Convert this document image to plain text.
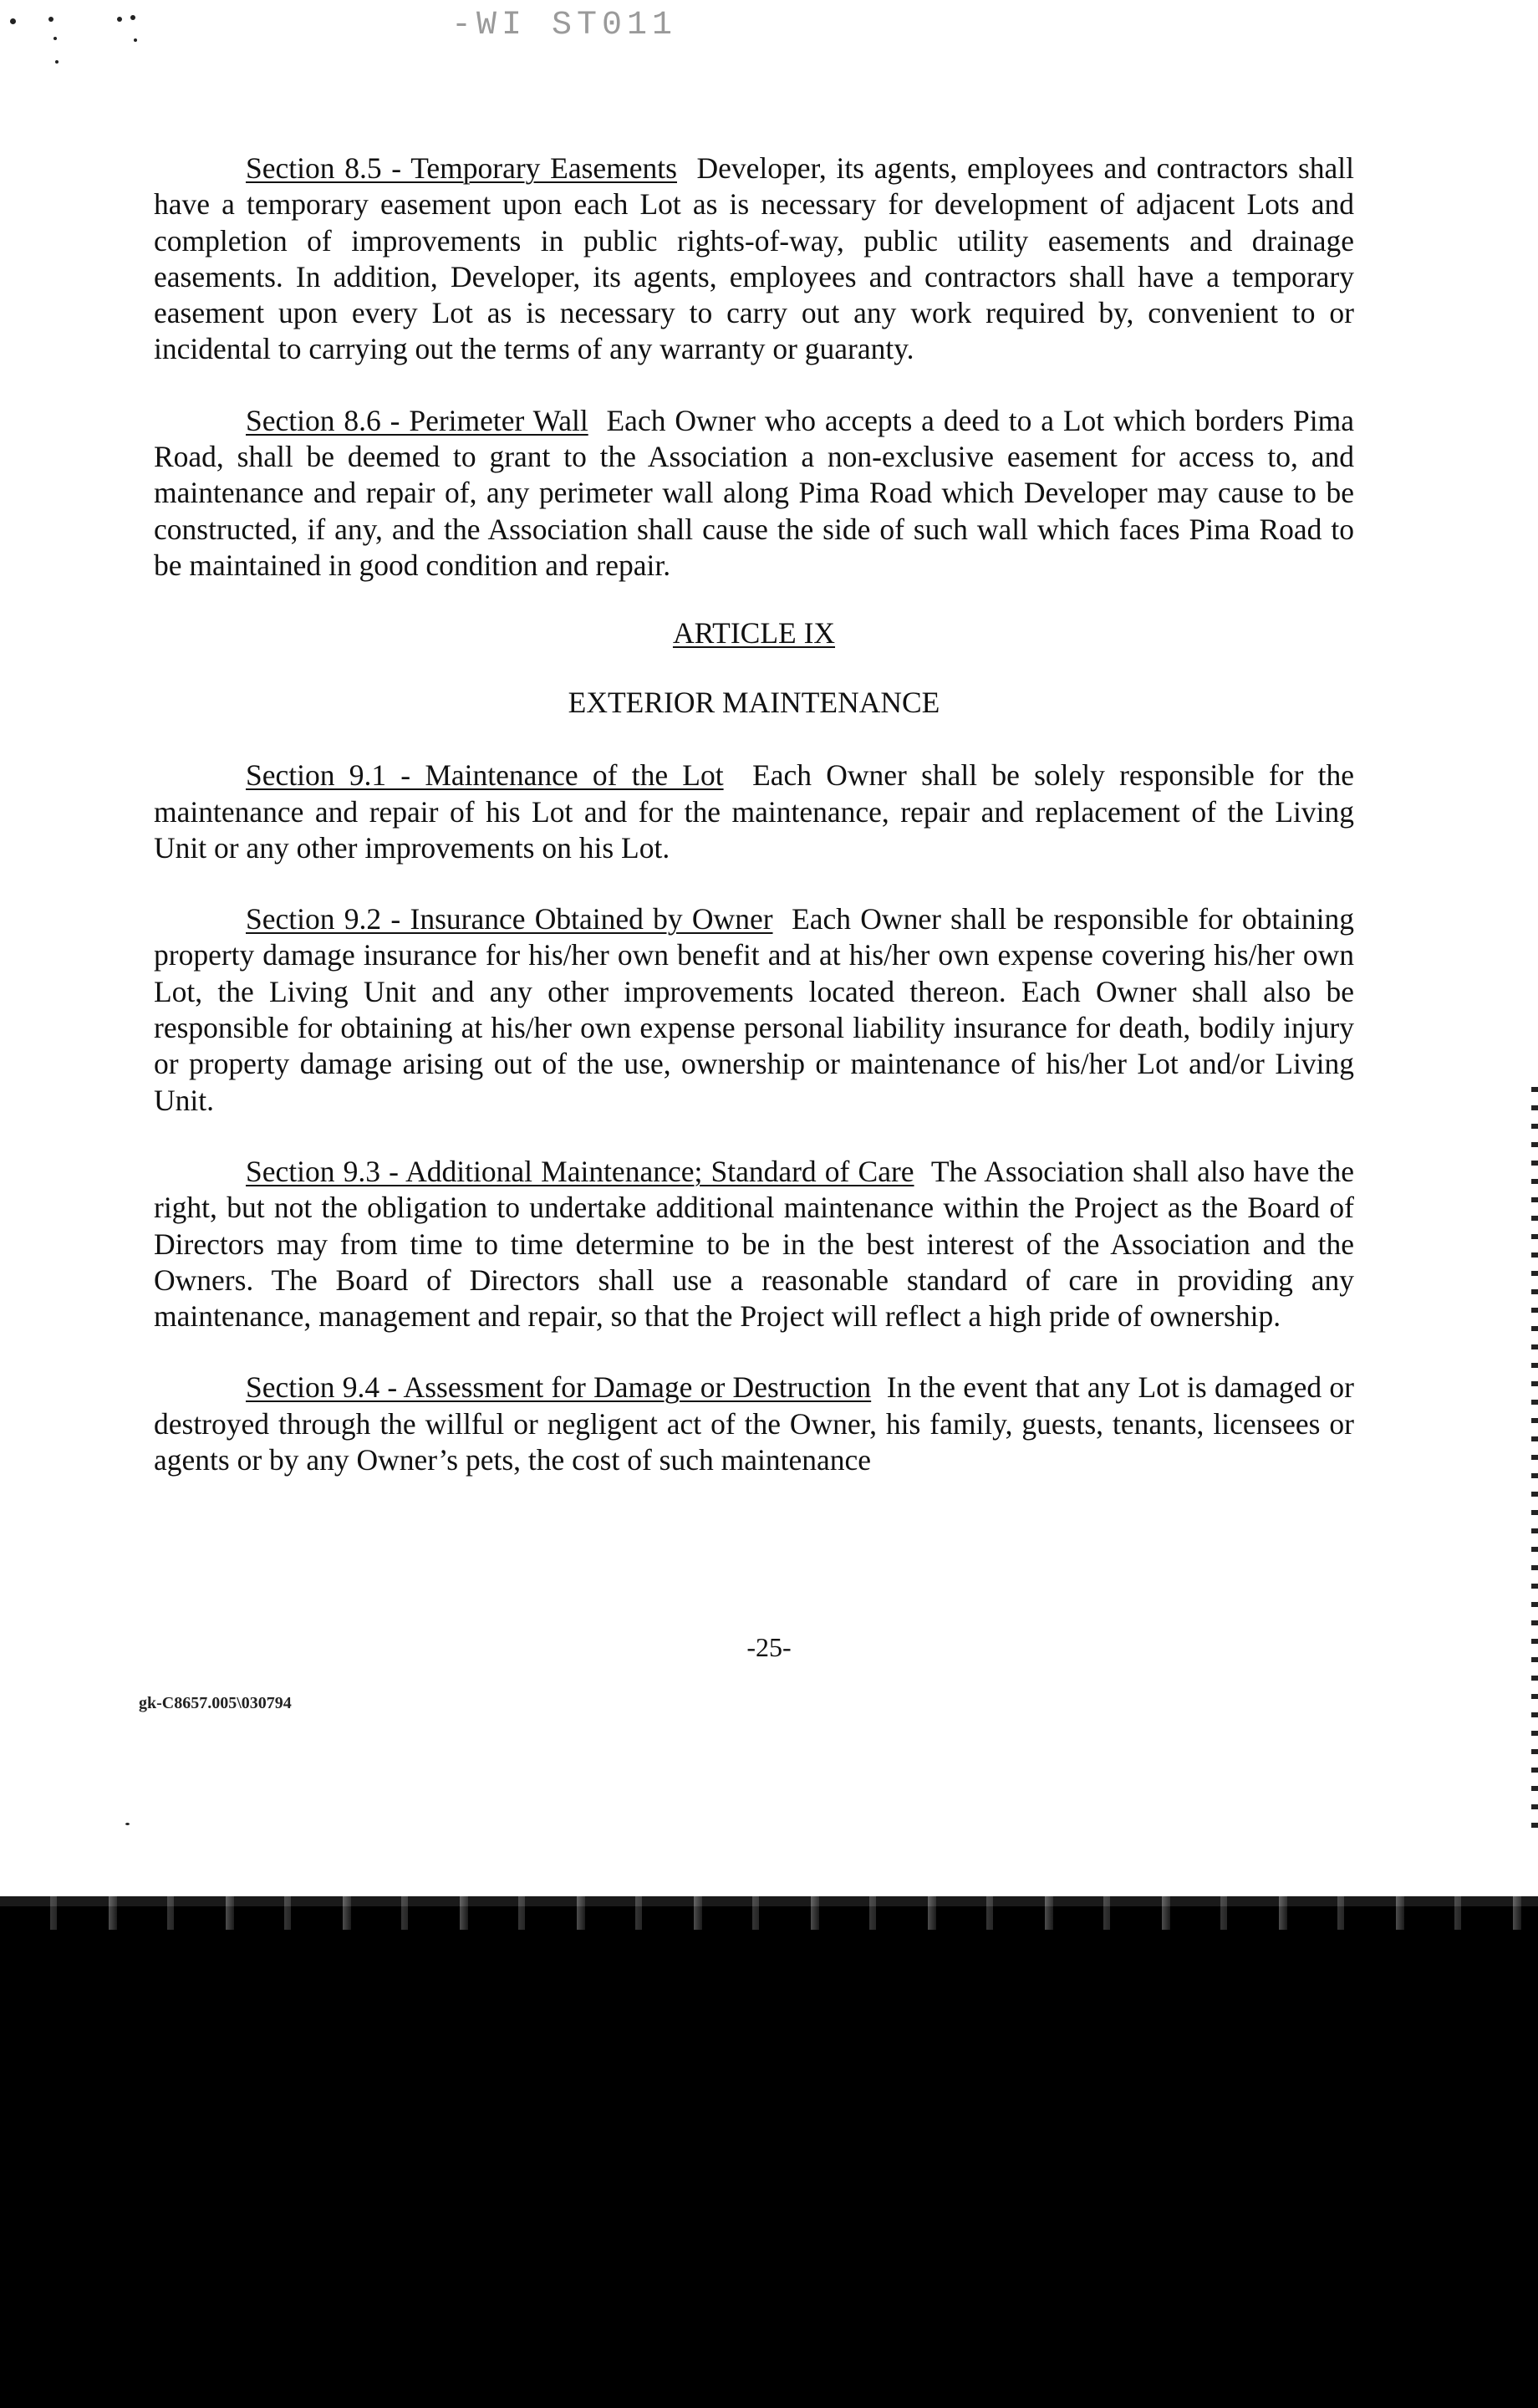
-WI ST011

Section 8.5 - Temporary Easements Developer, its agents, employees and contractors shall have a temporary easement upon each Lot as is necessary for development of adjacent Lots and completion of improvements in public rights-of-way, public utility easements and drainage easements. In addition, Developer, its agents, employees and contractors shall have a temporary easement upon every Lot as is necessary to carry out any work required by, convenient to or incidental to carrying out the terms of any warranty or guaranty.

Section 8.6 - Perimeter Wall Each Owner who accepts a deed to a Lot which borders Pima Road, shall be deemed to grant to the Association a non-exclusive easement for access to, and maintenance and repair of, any perimeter wall along Pima Road which Developer may cause to be constructed, if any, and the Association shall cause the side of such wall which faces Pima Road to be maintained in good condition and repair.

ARTICLE IX
EXTERIOR MAINTENANCE

Section 9.1 - Maintenance of the Lot Each Owner shall be solely responsible for the maintenance and repair of his Lot and for the maintenance, repair and replacement of the Living Unit or any other improvements on his Lot.

Section 9.2 - Insurance Obtained by Owner Each Owner shall be responsible for obtaining property damage insurance for his/her own benefit and at his/her own expense covering his/her own Lot, the Living Unit and any other improvements located thereon. Each Owner shall also be responsible for obtaining at his/her own expense personal liability insurance for death, bodily injury or property damage arising out of the use, ownership or maintenance of his/her Lot and/or Living Unit.

Section 9.3 - Additional Maintenance; Standard of Care The Association shall also have the right, but not the obligation to undertake additional maintenance within the Project as the Board of Directors may from time to time determine to be in the best interest of the Association and the Owners. The Board of Directors shall use a reasonable standard of care in providing any maintenance, management and repair, so that the Project will reflect a high pride of ownership.

Section 9.4 - Assessment for Damage or Destruction In the event that any Lot is damaged or destroyed through the willful or negligent act of the Owner, his family, guests, tenants, licensees or agents or by any Owner’s pets, the cost of such maintenance

-25-
gk-C8657.005\030794
